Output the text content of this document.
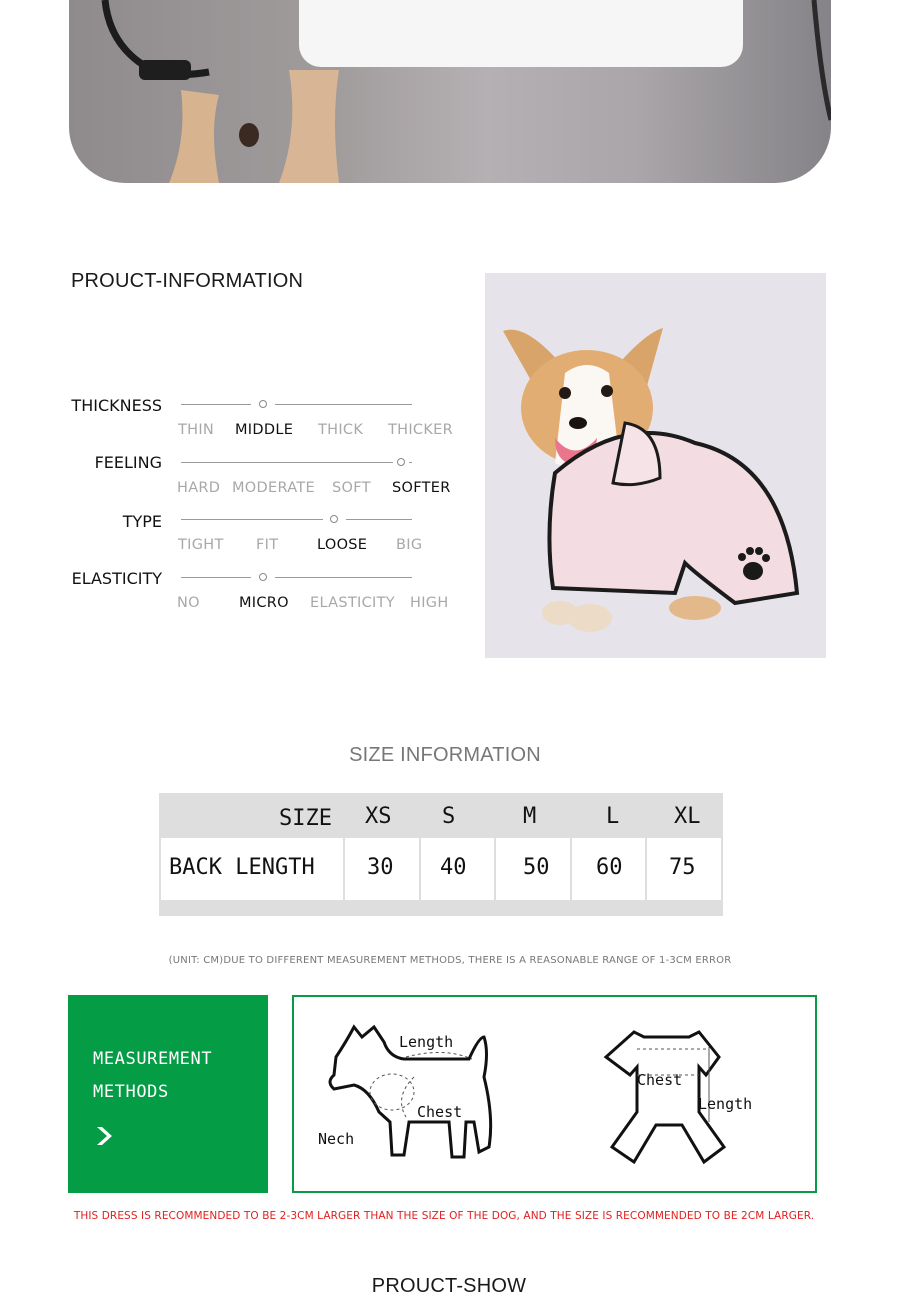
PROUCT-INFORMATION
THICKNESS
THIN MIDDLE THICK THICKER
FEELING
HARD MODERATE SOFT SOFTER
TYPE
TIGHT FIT	LOOSE BIG
ELASTICITY
NO	MICRO ELASTICITY HIGH
SIZE INFORMATION
SIZE XS S	M	L XL
BACK LENGTH 30 40	50 60 75
(UNIT: CM)DUE TO DIFFERENT MEASUREMENT METHODS, THERE IS A REASONABLE RANGE OF 1-3CM ERROR
MEASUREMENT
METHODS
Length
Chest
Nech
Chest
Length
THIS DRESS IS RECOMMENDED TO BE 2-3CM LARGER THAN THE SIZE OF THE DOG, AND THE SIZE IS RECOMMENDED TO BE 2CM LARGER.
PROUCT-SHOW
